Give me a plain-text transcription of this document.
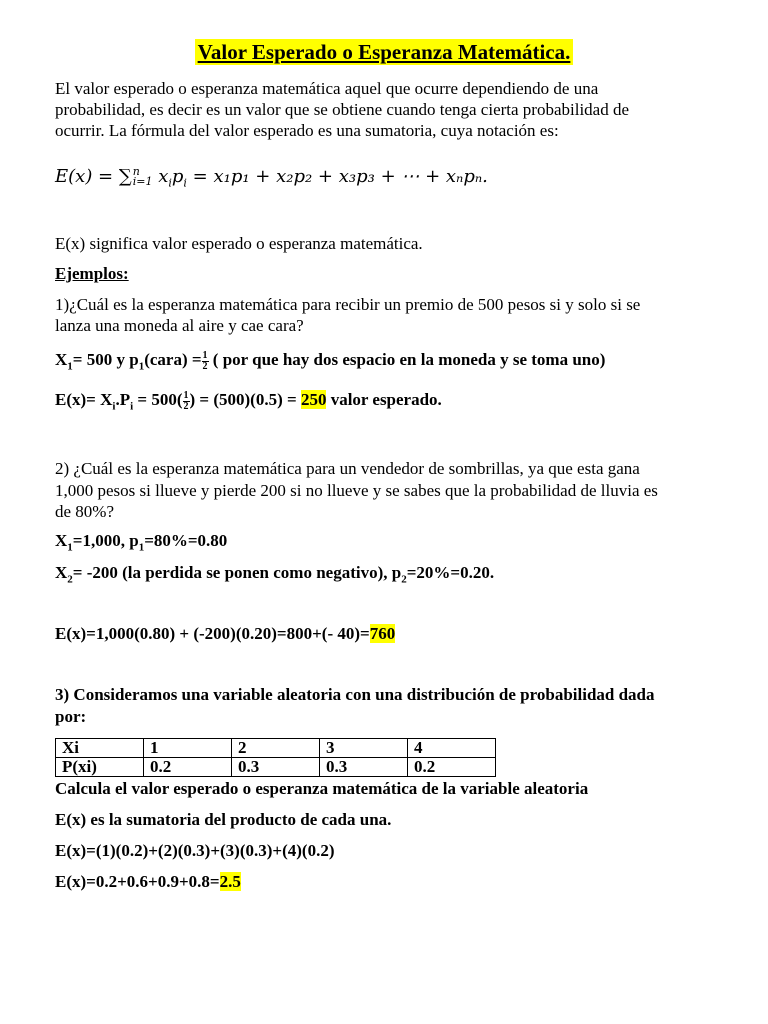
Valor Esperado o Esperanza Matemática.
El valor esperado o esperanza matemática aquel que ocurre dependiendo de una
probabilidad, es decir es un valor que se obtiene cuando tenga cierta probabilidad de
ocurrir. La fórmula del valor esperado es una sumatoria, cuya notación es:
E(x) = ∑ n
i=1 $x_ip_i = x_1p_1 + x_2p_2 + x_3p_3$ + ⋯ + xₙpₙ.
E(x) significa valor esperado o esperanza matemática.
Ejemplos:
1)¿Cuál es la esperanza matemática para recibir un premio de 500 pesos si y solo si se
lanza una moneda al aire y cae cara?
$X_1= 500$ y $p_1(cara) = \frac{1}{2}$ ( por que hay dos espacio en la moneda y se toma uno)
$E(x)= X_i.P_i = 500( \frac{1}{2}$ ) = (500)(0.5) = 250 valor esperado.
2) ¿Cuál es la esperanza matemática para un vendedor de sombrillas, ya que esta gana
1,000 pesos si llueve y pierde 200 si no llueve y se sabes que la probabilidad de lluvia es
de 80%?
$X_1=1,000$, $p_1=80\%=0.80$
$X_2= -200$ (la perdida se ponen como negativo), $p_2=20\%=0.20$.
E(x)=1,000(0.80) + (-200)(0.20)=800+(- 40)=760
3) Consideramos una variable aleatoria con una distribución de probabilidad dada
por:
Xi	1	2	3	4
P(xi)	0.2	0.3	0.3	0.2
Calcula el valor esperado o esperanza matemática de la variable aleatoria
E(x) es la sumatoria del producto de cada una.
E(x)=(1)(0.2)+(2)(0.3)+(3)(0.3)+(4)(0.2)
E(x)=0.2+0.6+0.9+0.8=2.5
